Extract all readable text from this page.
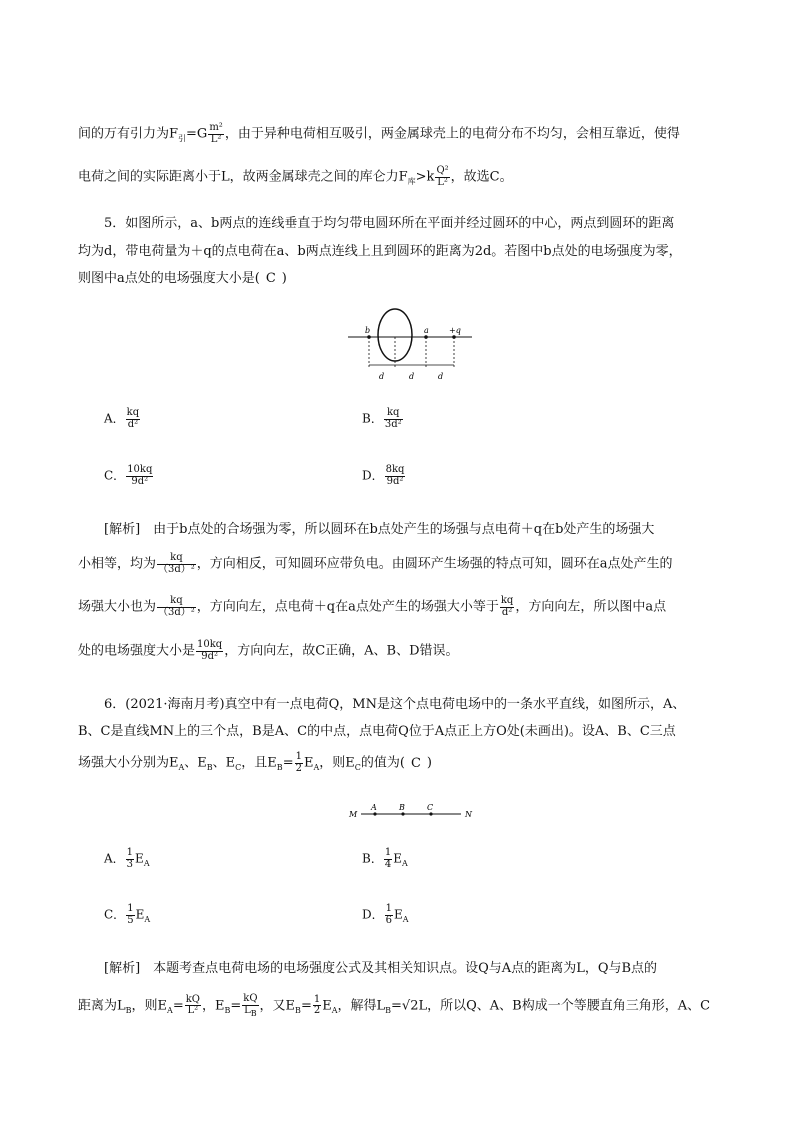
间的万有引力为$F_引=G \frac{\text{m²}}{\text{L²}}$ ，由于异种电荷相互吸引，两金属球壳上的电荷分布不均匀，会相互靠近，使得
电荷之间的实际距离小于L，故两金属球壳之间的库仑力$F_库>k \frac{\text{Q²}}{\text{L²}}$ ，故选C。
5．如图所示，a、b两点的连线垂直于均匀带电圆环所在平面并经过圆环的中心，两点到圆环的距离
均为d，带电荷量为＋q的点电荷在a、b两点连线上且到圆环的距离为2d。若图中b点处的电场强度为零，
则图中a点处的电场强度大小是( C )
b	a	+q
d	d	d
A． $\frac{kq}{\text{d²}}$	B． $\frac{kq}{\text{3d²}}$
C． $\frac{10kq}{\text{9d²}}$	D． $\frac{8kq}{\text{9d²}}$
[解析]　由于b点处的合场强为零，所以圆环在b点处产生的场强与点电荷＋q在b处产生的场强大
小相等，均为 $\frac{kq}{\text{（3d）²}}$ ，方向相反，可知圆环应带负电。由圆环产生场强的特点可知，圆环在a点处产生的
场强大小也为 $\frac{kq}{\text{（3d）²}}$ ，方向向左，点电荷＋q在a点处产生的场强大小等于 $\frac{kq}{\text{d²}}$ ，方向向左，所以图中a点
处的电场强度大小是 $\frac{10kq}{\text{9d²}}$ ，方向向左，故C正确，A、B、D错误。
6．(2021·海南月考)真空中有一点电荷Q，MN是这个点电荷电场中的一条水平直线，如图所示，A、
B、C是直线MN上的三个点，B是A、C的中点，点电荷Q位于A点正上方O处(未画出)。设A、B、C三点
场强大小分别为$E_A$、$E_B$、$E_C$，且$E_B= \frac{1}{2} E_A$，则$E_C$的值为( C )
M
A	B	C
N
A． $\frac{1}{3} E_A$	B． $\frac{1}{4} E_A$
C． $\frac{1}{5} E_A$	D． $\frac{1}{6} E_A$
[解析]　本题考查点电荷电场的电场强度公式及其相关知识点。设Q与A点的距离为L，Q与B点的
距离为$L_B$，则$E_A= \frac{kQ}{\text{L²}}$ ，$E_B= \frac{kQ}{L_B}$ ，又$E_B= \frac{1}{2} E_A$，解得$L_B=√2L$，所以Q、A、B构成一个等腰直角三角形，A、C
